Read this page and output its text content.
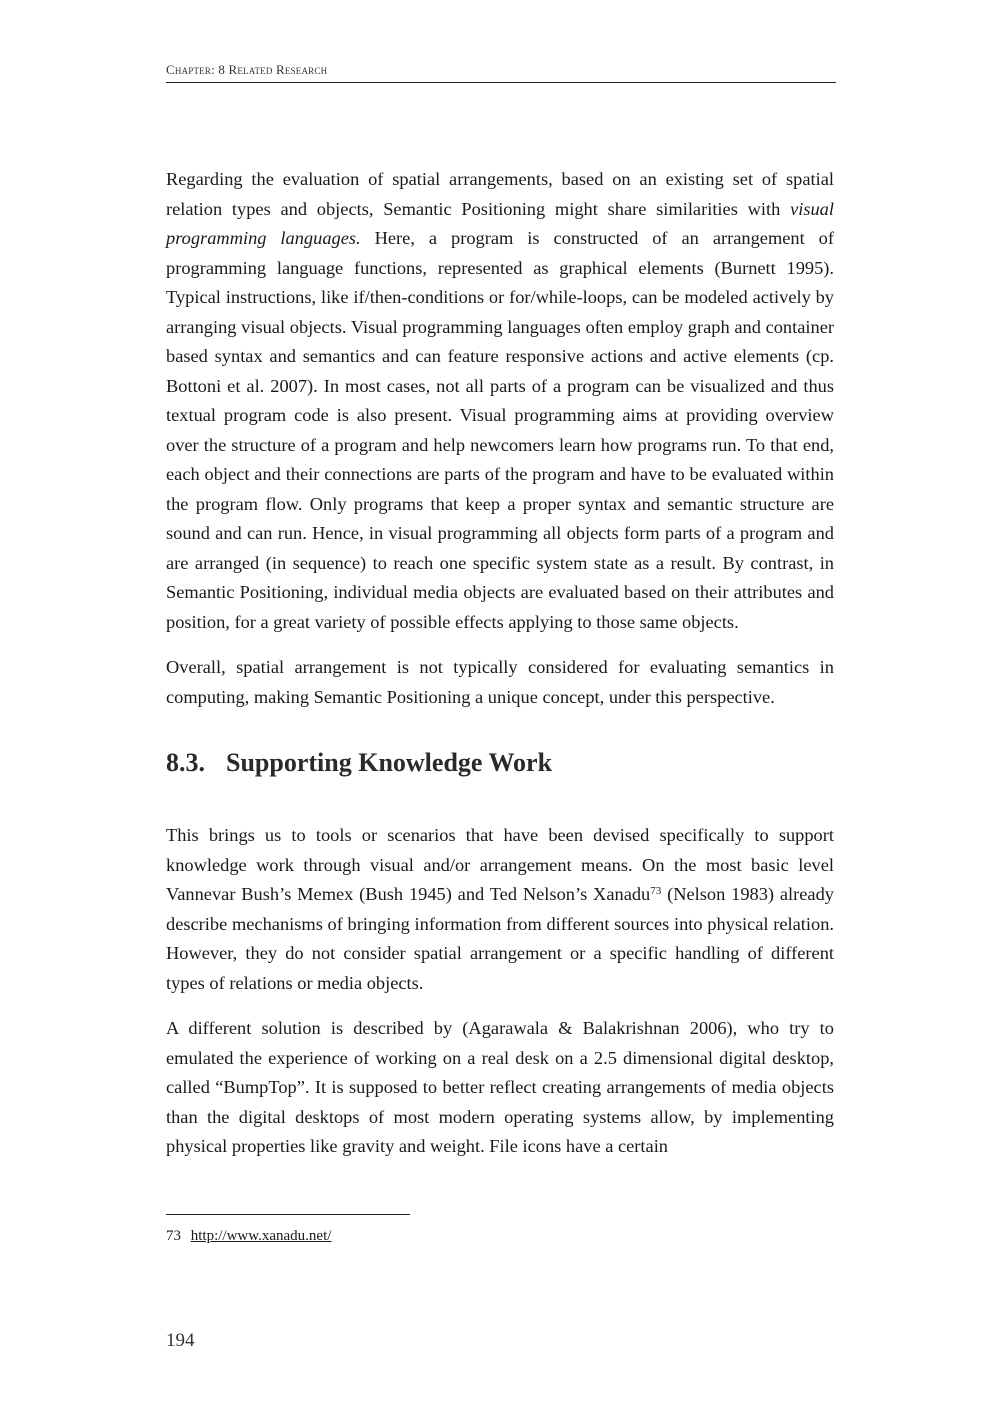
Chapter: 8 Related Research

Regarding the evaluation of spatial arrangements, based on an existing set of spatial relation types and objects, Semantic Positioning might share similarities with visual programming languages. Here, a program is constructed of an arrangement of programming language functions, represented as graphical elements (Burnett 1995). Typical instructions, like if/then-conditions or for/while-loops, can be modeled actively by arranging visual objects. Visual programming languages often employ graph and container based syntax and semantics and can feature responsive actions and active elements (cp. Bottoni et al. 2007). In most cases, not all parts of a program can be visualized and thus textual program code is also present. Visual programming aims at providing overview over the structure of a program and help newcomers learn how programs run. To that end, each object and their connections are parts of the program and have to be evaluated within the program flow. Only programs that keep a proper syntax and semantic structure are sound and can run. Hence, in visual programming all objects form parts of a program and are arranged (in sequence) to reach one specific system state as a result. By contrast, in Semantic Positioning, individual media objects are evaluated based on their attributes and position, for a great variety of possible effects applying to those same objects.

Overall, spatial arrangement is not typically considered for evaluating semantics in computing, making Semantic Positioning a unique concept, under this perspective.

8.3. Supporting Knowledge Work

This brings us to tools or scenarios that have been devised specifically to support knowledge work through visual and/or arrangement means. On the most basic level Vannevar Bush’s Memex (Bush 1945) and Ted Nelson’s Xanadu$^{73}$ (Nelson 1983) already describe mechanisms of bringing information from different sources into physical relation. However, they do not consider spatial arrangement or a specific handling of different types of relations or media objects.

A different solution is described by (Agarawala & Balakrishnan 2006), who try to emulated the experience of working on a real desk on a 2.5 dimensional digital desktop, called “BumpTop”. It is supposed to better reflect creating arrangements of media objects than the digital desktops of most modern operating systems allow, by implementing physical properties like gravity and weight. File icons have a certain

73 http://www.xanadu.net/
194
